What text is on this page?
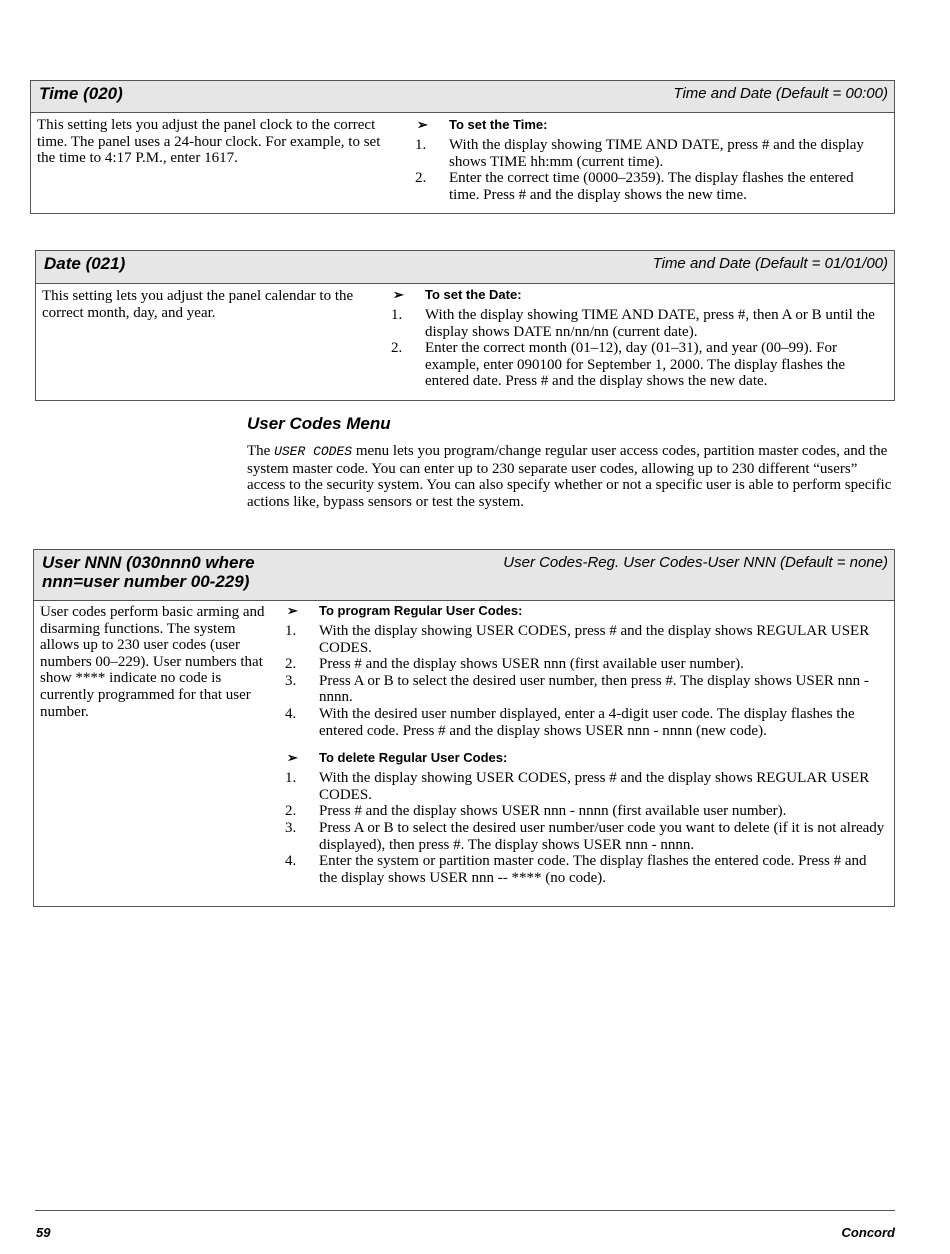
Time (020)	Time and Date (Default = 00:00)
This setting lets you adjust the panel clock to the correct time. The panel uses a 24-hour clock. For example, to set the time to 4:17 P.M., enter 1617.
➢ To set the Time:
1. With the display showing TIME AND DATE, press # and the display shows TIME hh:mm (current time).
2. Enter the correct time (0000–2359). The display flashes the entered time. Press # and the display shows the new time.
Date (021)	Time and Date (Default = 01/01/00)
This setting lets you adjust the panel calendar to the correct month, day, and year.
➢ To set the Date:
1. With the display showing TIME AND DATE, press #, then A or B until the display shows DATE nn/nn/nn (current date).
2. Enter the correct month (01–12), day (01–31), and year (00–99). For example, enter 090100 for September 1, 2000. The display flashes the entered date. Press # and the display shows the new date.
User Codes Menu
The USER CODES menu lets you program/change regular user access codes, partition master codes, and the system master code. You can enter up to 230 separate user codes, allowing up to 230 different “users” access to the security system. You can also specify whether or not a specific user is able to perform specific actions like, bypass sensors or test the system.
User NNN (030nnn0 where nnn=user number 00-229)
User Codes-Reg. User Codes-User NNN (Default = none)
User codes perform basic arming and disarming functions. The system allows up to 230 user codes (user numbers 00–229). User numbers that show **** indicate no code is currently programmed for that user number.
➢ To program Regular User Codes:
1. With the display showing USER CODES, press # and the display shows REGULAR USER CODES.
2. Press # and the display shows USER nnn (first available user number).
3. Press A or B to select the desired user number, then press #. The display shows USER nnn - nnnn.
4. With the desired user number displayed, enter a 4-digit user code. The display flashes the entered code. Press # and the display shows USER nnn - nnnn (new code).
➢ To delete Regular User Codes:
1. With the display showing USER CODES, press # and the display shows REGULAR USER CODES.
2. Press # and the display shows USER nnn - nnnn (first available user number).
3. Press A or B to select the desired user number/user code you want to delete (if it is not already displayed), then press #. The display shows USER nnn - nnnn.
4. Enter the system or partition master code. The display flashes the entered code. Press # and the display shows USER nnn -- **** (no code).
59	Concord
